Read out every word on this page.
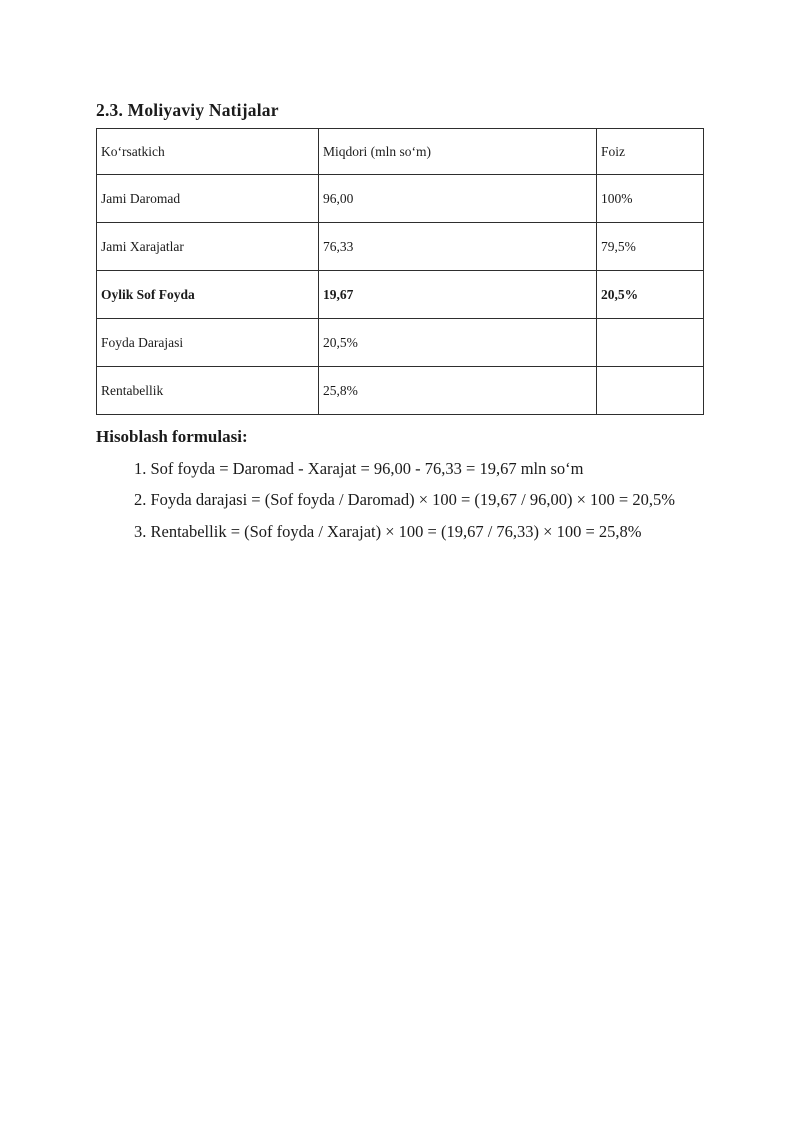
2.3. Moliyaviy Natijalar
Ko‘rsatkich	Miqdori (mln so‘m)	Foiz
Jami Daromad	96,00	100%
Jami Xarajatlar	76,33	79,5%
Oylik Sof Foyda	19,67	20,5%
Foyda Darajasi	20,5%	
Rentabellik	25,8%	

Hisoblash formulasi:

1. Sof foyda = Daromad - Xarajat = 96,00 - 76,33 = 19,67 mln so‘m

2. Foyda darajasi = (Sof foyda / Daromad) × 100 = (19,67 / 96,00) × 100 = 20,5%

3. Rentabellik = (Sof foyda / Xarajat) × 100 = (19,67 / 76,33) × 100 = 25,8%
